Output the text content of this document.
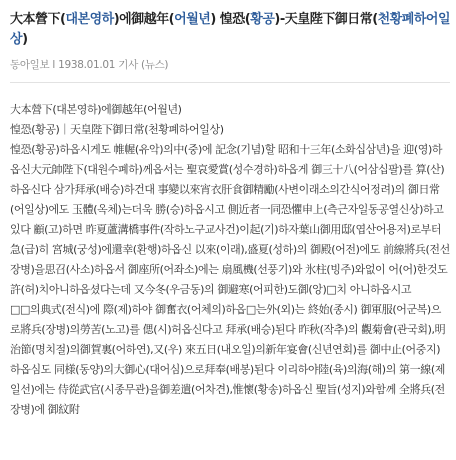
大本營下(대본영하)에御越年(어월년) 惶恐(황공)-天皇陛下御日常(천황폐하어일상)
동아일보 l 1938.01.01 기사 (뉴스)

大本營下(대본영하)에御越年(어월년)

惶恐(황공)｜天皇陛下御日常(천황폐하어일상)

惶恐(황공)하옵시게도 帷幄(유악)의中(중)에 記念(기념)할 昭和十三年(소화십삼년)을 迎(영)하옵신大元帥陛下(대원수폐하)께옵서는 聖哀愛賞(성수경하)하옵게 御三十八(어삼십팔)를 算(산)하옵신다 삼가拜承(배승)하건대 事變以來宵衣肝食御精勵(사변이래소의간식어정려)의 御日常(어일상)에도 玉體(옥체)는더욱 勝(승)하옵시고 側近者一同恐懼申上(측근자일동공열신상)하고있다 顧(고)하면 昨夏蘆溝橋事件(작하노구교사건)이起(기)하자葉山御用邸(엽산어용저)로부터急(급)히 宮城(궁성)에還幸(환행)하옵신 以來(이래),盛夏(성하)의 御殿(어전)에도 前線將兵(전선장병)을思召(사소)하옵서 御座所(어좌소)에는 扇風機(선풍기)와 氷柱(빙주)와없이 어(어)한것도許(허)치아니하옵셨다는데 又今冬(우금동)의 御避寒(어피한)도御(앙)□치 아니하옵시고

□□의典式(전식)에 際(제)하야 御奮衣(어체의)하옵□는外(외)는 終始(종시) 御軍服(어군복)으로將兵(장병)의勞苦(노고)를 偲(시)허옵신다고 拜承(배승)된다 昨秋(작추)의 觀菊會(관국회),明治節(명치절)의御賀裏(어하연),又(우) 來五日(내오일)의新年宴會(신년연회)를 御中止(어중지)하옵심도 同様(동양)의大御心(대어심)으로拜奉(배봉)된다 이리하야陸(육)의海(해)의 第一線(제일선)에는 侍從武官(시종무관)을御差遣(어차견),惟懷(황송)하옵신 聖旨(성지)와함께 全將兵(전장병)에 御紋附
